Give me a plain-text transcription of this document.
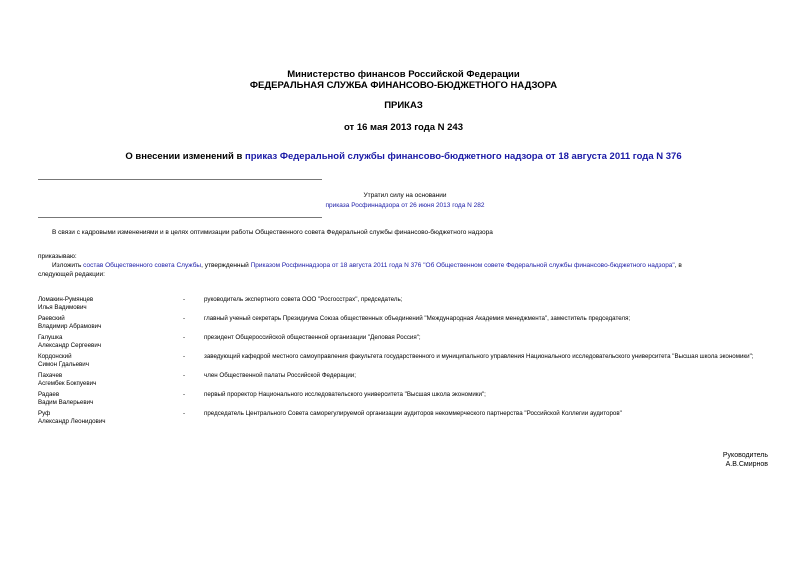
Министерство финансов Российской Федерации
ФЕДЕРАЛЬНАЯ СЛУЖБА ФИНАНСОВО-БЮДЖЕТНОГО НАДЗОРА
ПРИКАЗ
от 16 мая 2013 года N 243
О внесении изменений в приказ Федеральной службы финансово-бюджетного надзора от 18 августа 2011 года N 376
Утратил силу на основании
приказа Росфиннадзора от 26 июня 2013 года N 282
В связи с кадровыми изменениями и в целях оптимизации работы Общественного совета Федеральной службы финансово-бюджетного надзора
приказываю:
Изложить состав Общественного совета Службы, утвержденный Приказом Росфиннадзора от 18 августа 2011 года N 376 "Об Общественном совете Федеральной службы финансово-бюджетного надзора", в
следующей редакции:
Ломакин-Румянцев
Илья Вадимович
-	руководитель экспертного совета ООО "Росгосстрах", председатель;
Раевский
Владимир Абрамович
-	главный ученый секретарь Президиума Союза общественных объединений "Международная Академия менеджмента", заместитель председателя;
Галушка
Александр Сергеевич
-	президент Общероссийской общественной организации "Деловая Россия";
Кордонский
Симон Гдальевич
-	заведующий кафедрой местного самоуправления факультета государственного и муниципального управления Национального исследовательского университета "Высшая школа экономики";
Пахачев
Асгембек Бокпуевич
-	член Общественной палаты Российской Федерации;
Радаев
Вадим Валерьевич
-	первый проректор Национального исследовательского университета "Высшая школа экономики";
Руф
Александр Леонидович
-	председатель Центрального Совета саморегулируемой организации аудиторов некоммерческого партнерства "Российской Коллегии аудиторов"
Руководитель
А.В.Смирнов
